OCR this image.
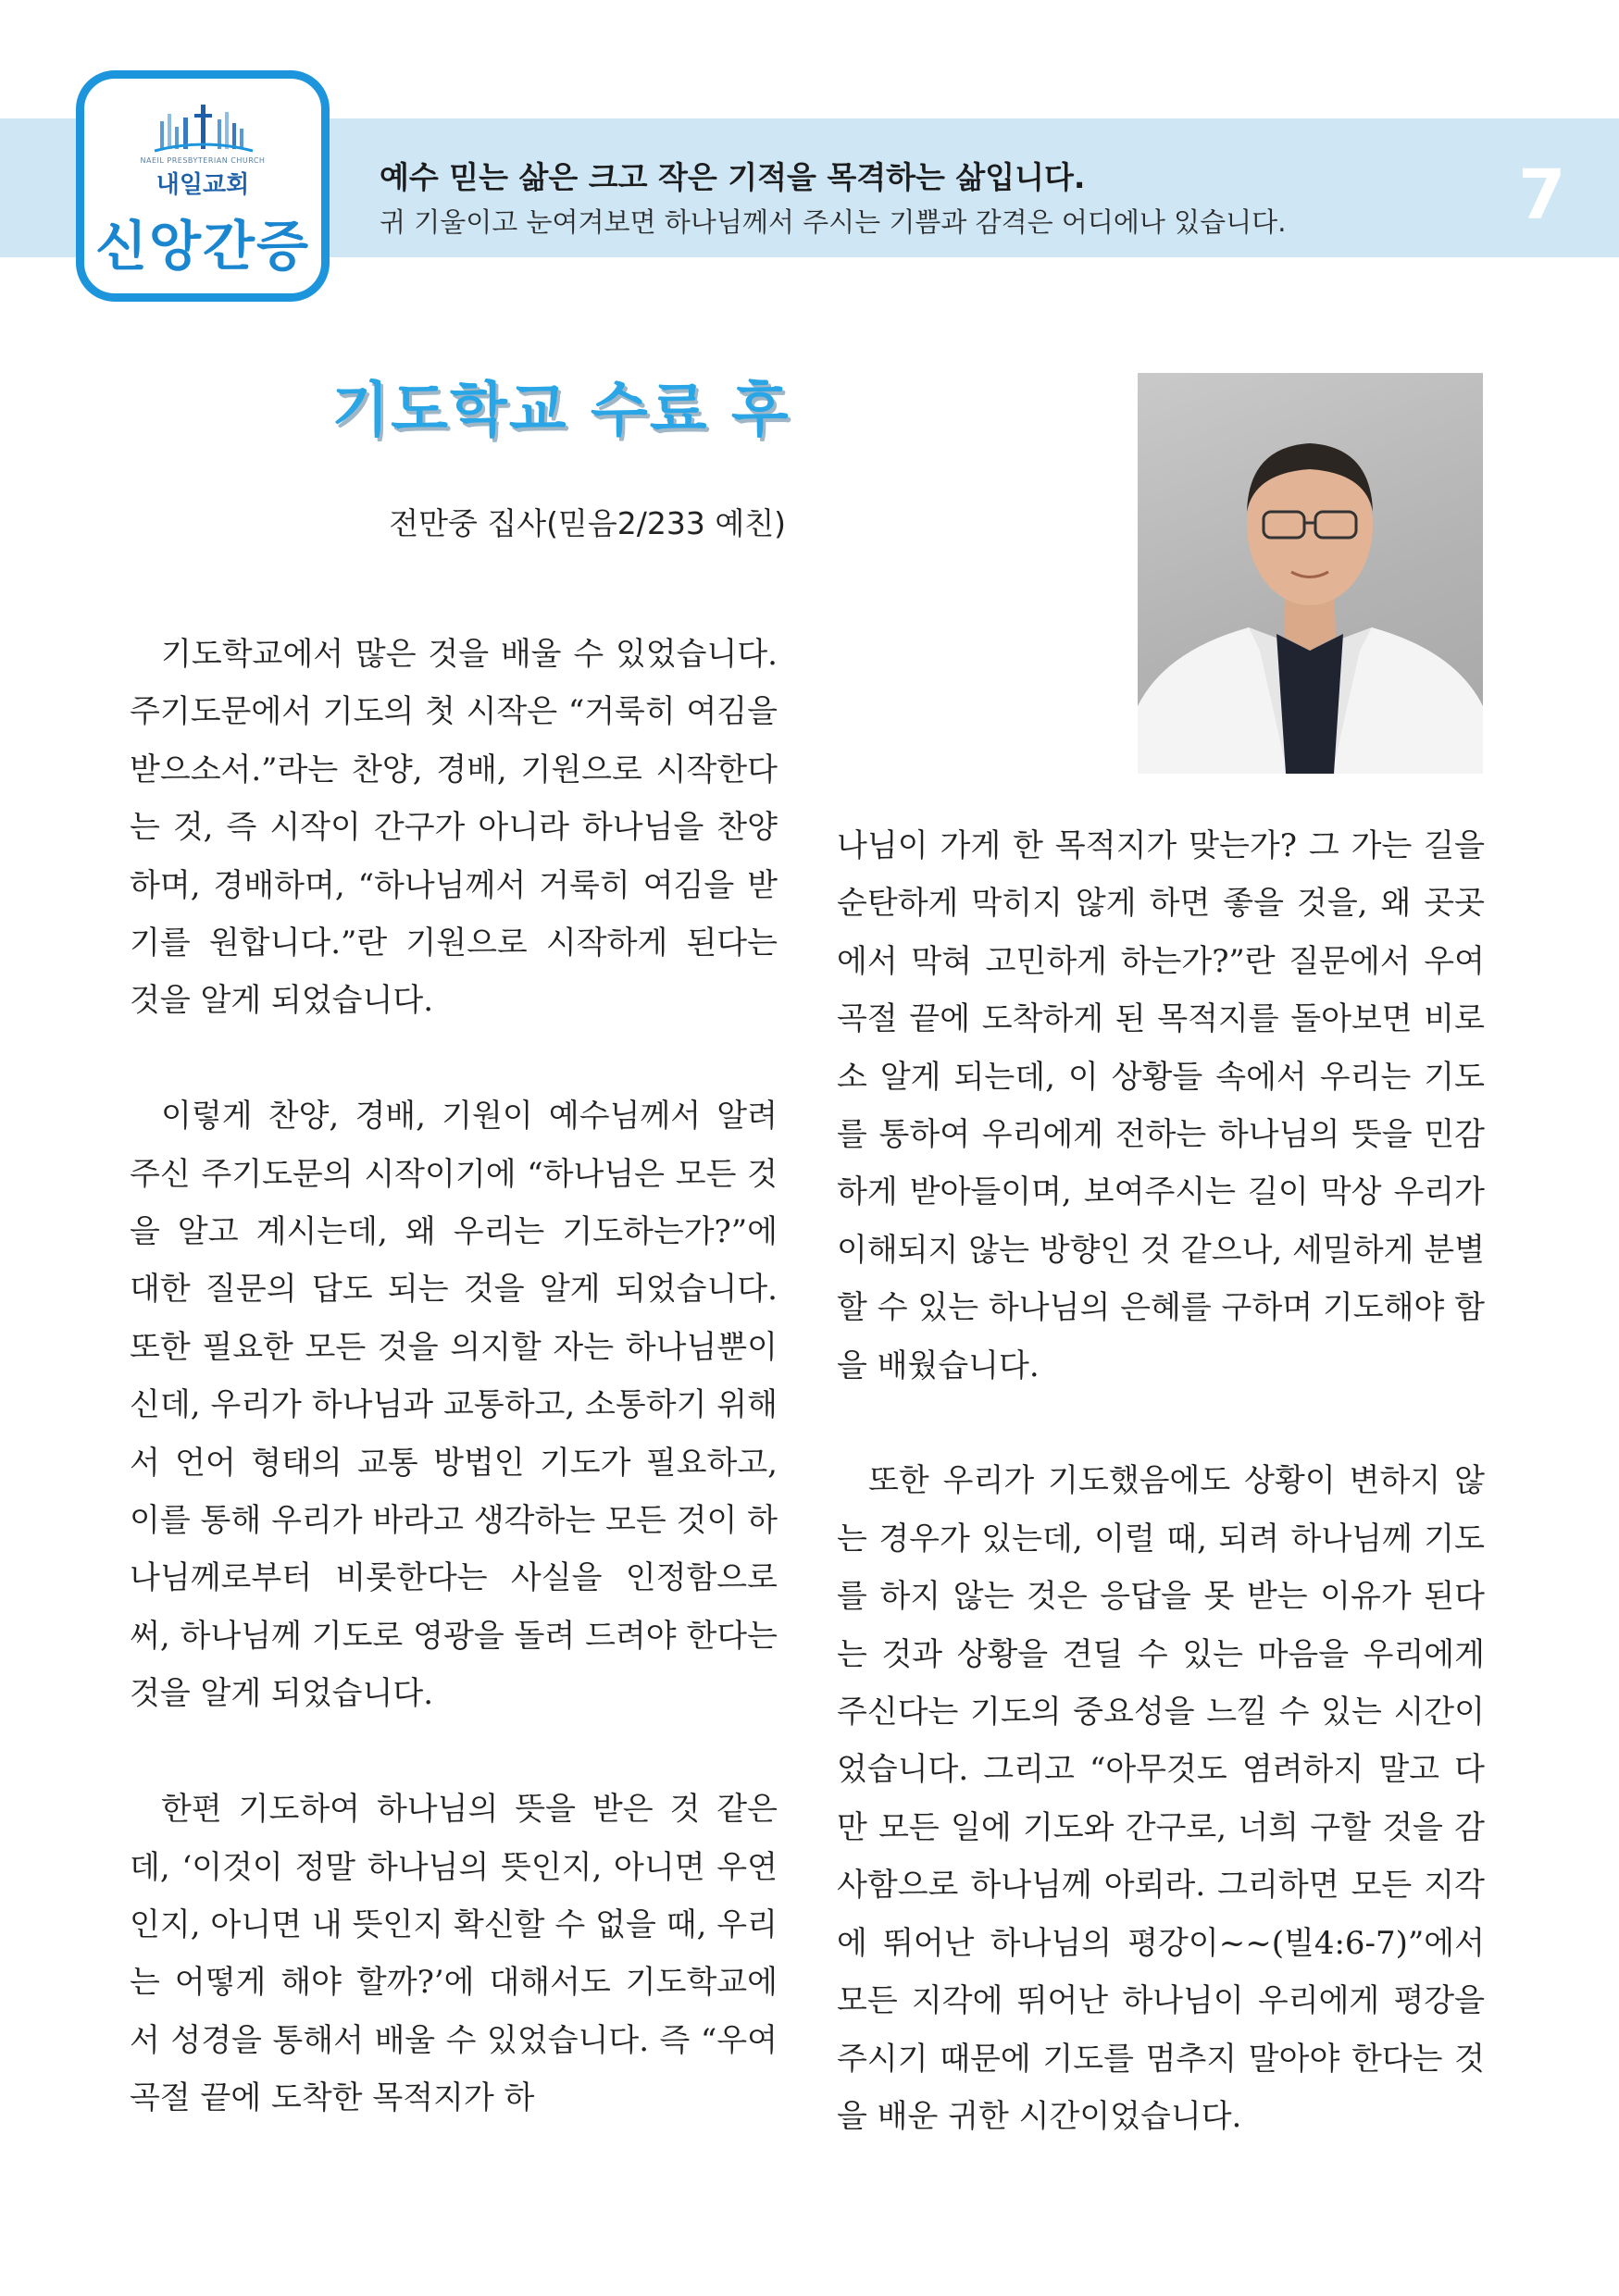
NAEIL PRESBYTERIAN CHURCH
내일교회
신앙간증
예수 믿는 삶은 크고 작은 기적을 목격하는 삶입니다.
귀 기울이고 눈여겨보면 하나님께서 주시는 기쁨과 감격은 어디에나 있습니다.	7
기도학교 수료 후
전만중 집사(믿음2/233 예친)

기도학교에서 많은 것을 배울 수 있었습니다. 주기도문에서 기도의 첫 시작은 “거룩히 여김을 받으소서.”라는 찬양, 경배, 기원으로 시작한다는 것, 즉 시작이 간구가 아니라 하나님을 찬양하며, 경배하며, “하나님께서 거룩히 여김을 받기를 원합니다.”란 기원으로 시작하게 된다는 것을 알게 되었습니다.

이렇게 찬양, 경배, 기원이 예수님께서 알려주신 주기도문의 시작이기에 “하나님은 모든 것을 알고 계시는데, 왜 우리는 기도하는가?”에 대한 질문의 답도 되는 것을 알게 되었습니다. 또한 필요한 모든 것을 의지할 자는 하나님뿐이신데, 우리가 하나님과 교통하고, 소통하기 위해서 언어 형태의 교통 방법인 기도가 필요하고, 이를 통해 우리가 바라고 생각하는 모든 것이 하나님께로부터 비롯한다는 사실을 인정함으로써, 하나님께 기도로 영광을 돌려 드려야 한다는 것을 알게 되었습니다.

한편 기도하여 하나님의 뜻을 받은 것 같은데, ‘이것이 정말 하나님의 뜻인지, 아니면 우연인지, 아니면 내 뜻인지 확신할 수 없을 때, 우리는 어떻게 해야 할까?’에 대해서도 기도학교에서 성경을 통해서 배울 수 있었습니다. 즉 “우여곡절 끝에 도착한 목적지가 하

나님이 가게 한 목적지가 맞는가? 그 가는 길을 순탄하게 막히지 않게 하면 좋을 것을, 왜 곳곳에서 막혀 고민하게 하는가?”란 질문에서 우여곡절 끝에 도착하게 된 목적지를 돌아보면 비로소 알게 되는데, 이 상황들 속에서 우리는 기도를 통하여 우리에게 전하는 하나님의 뜻을 민감하게 받아들이며, 보여주시는 길이 막상 우리가 이해되지 않는 방향인 것 같으나, 세밀하게 분별할 수 있는 하나님의 은혜를 구하며 기도해야 함을 배웠습니다.

또한 우리가 기도했음에도 상황이 변하지 않는 경우가 있는데, 이럴 때, 되려 하나님께 기도를 하지 않는 것은 응답을 못 받는 이유가 된다는 것과 상황을 견딜 수 있는 마음을 우리에게 주신다는 기도의 중요성을 느낄 수 있는 시간이었습니다. 그리고 “아무것도 염려하지 말고 다만 모든 일에 기도와 간구로, 너희 구할 것을 감사함으로 하나님께 아뢰라. 그리하면 모든 지각에 뛰어난 하나님의 평강이~~(빌4:6-7)”에서 모든 지각에 뛰어난 하나님이 우리에게 평강을 주시기 때문에 기도를 멈추지 말아야 한다는 것을 배운 귀한 시간이었습니다.
